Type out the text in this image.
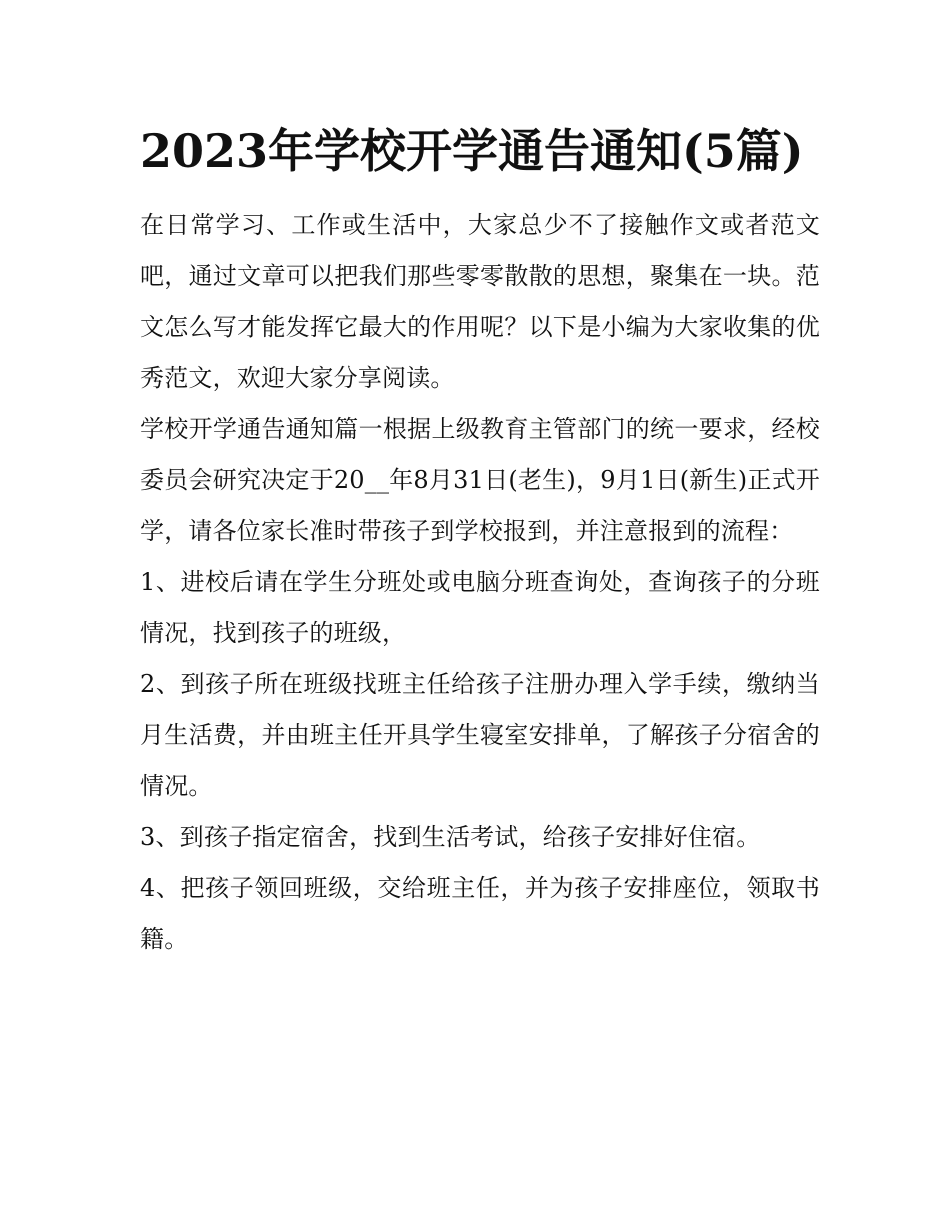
2023年学校开学通告通知(5篇)

在日常学习、工作或生活中，大家总少不了接触作文或者范文吧，通过文章可以把我们那些零零散散的思想，聚集在一块。范文怎么写才能发挥它最大的作用呢？以下是小编为大家收集的优秀范文，欢迎大家分享阅读。

学校开学通告通知篇一根据上级教育主管部门的统一要求，经校委员会研究决定于20__年8月31日(老生)，9月1日(新生)正式开学，请各位家长准时带孩子到学校报到，并注意报到的流程：

1、进校后请在学生分班处或电脑分班查询处，查询孩子的分班情况，找到孩子的班级，

2、到孩子所在班级找班主任给孩子注册办理入学手续，缴纳当月生活费，并由班主任开具学生寝室安排单，了解孩子分宿舍的情况。

3、到孩子指定宿舍，找到生活考试，给孩子安排好住宿。

4、把孩子领回班级，交给班主任，并为孩子安排座位，领取书籍。
